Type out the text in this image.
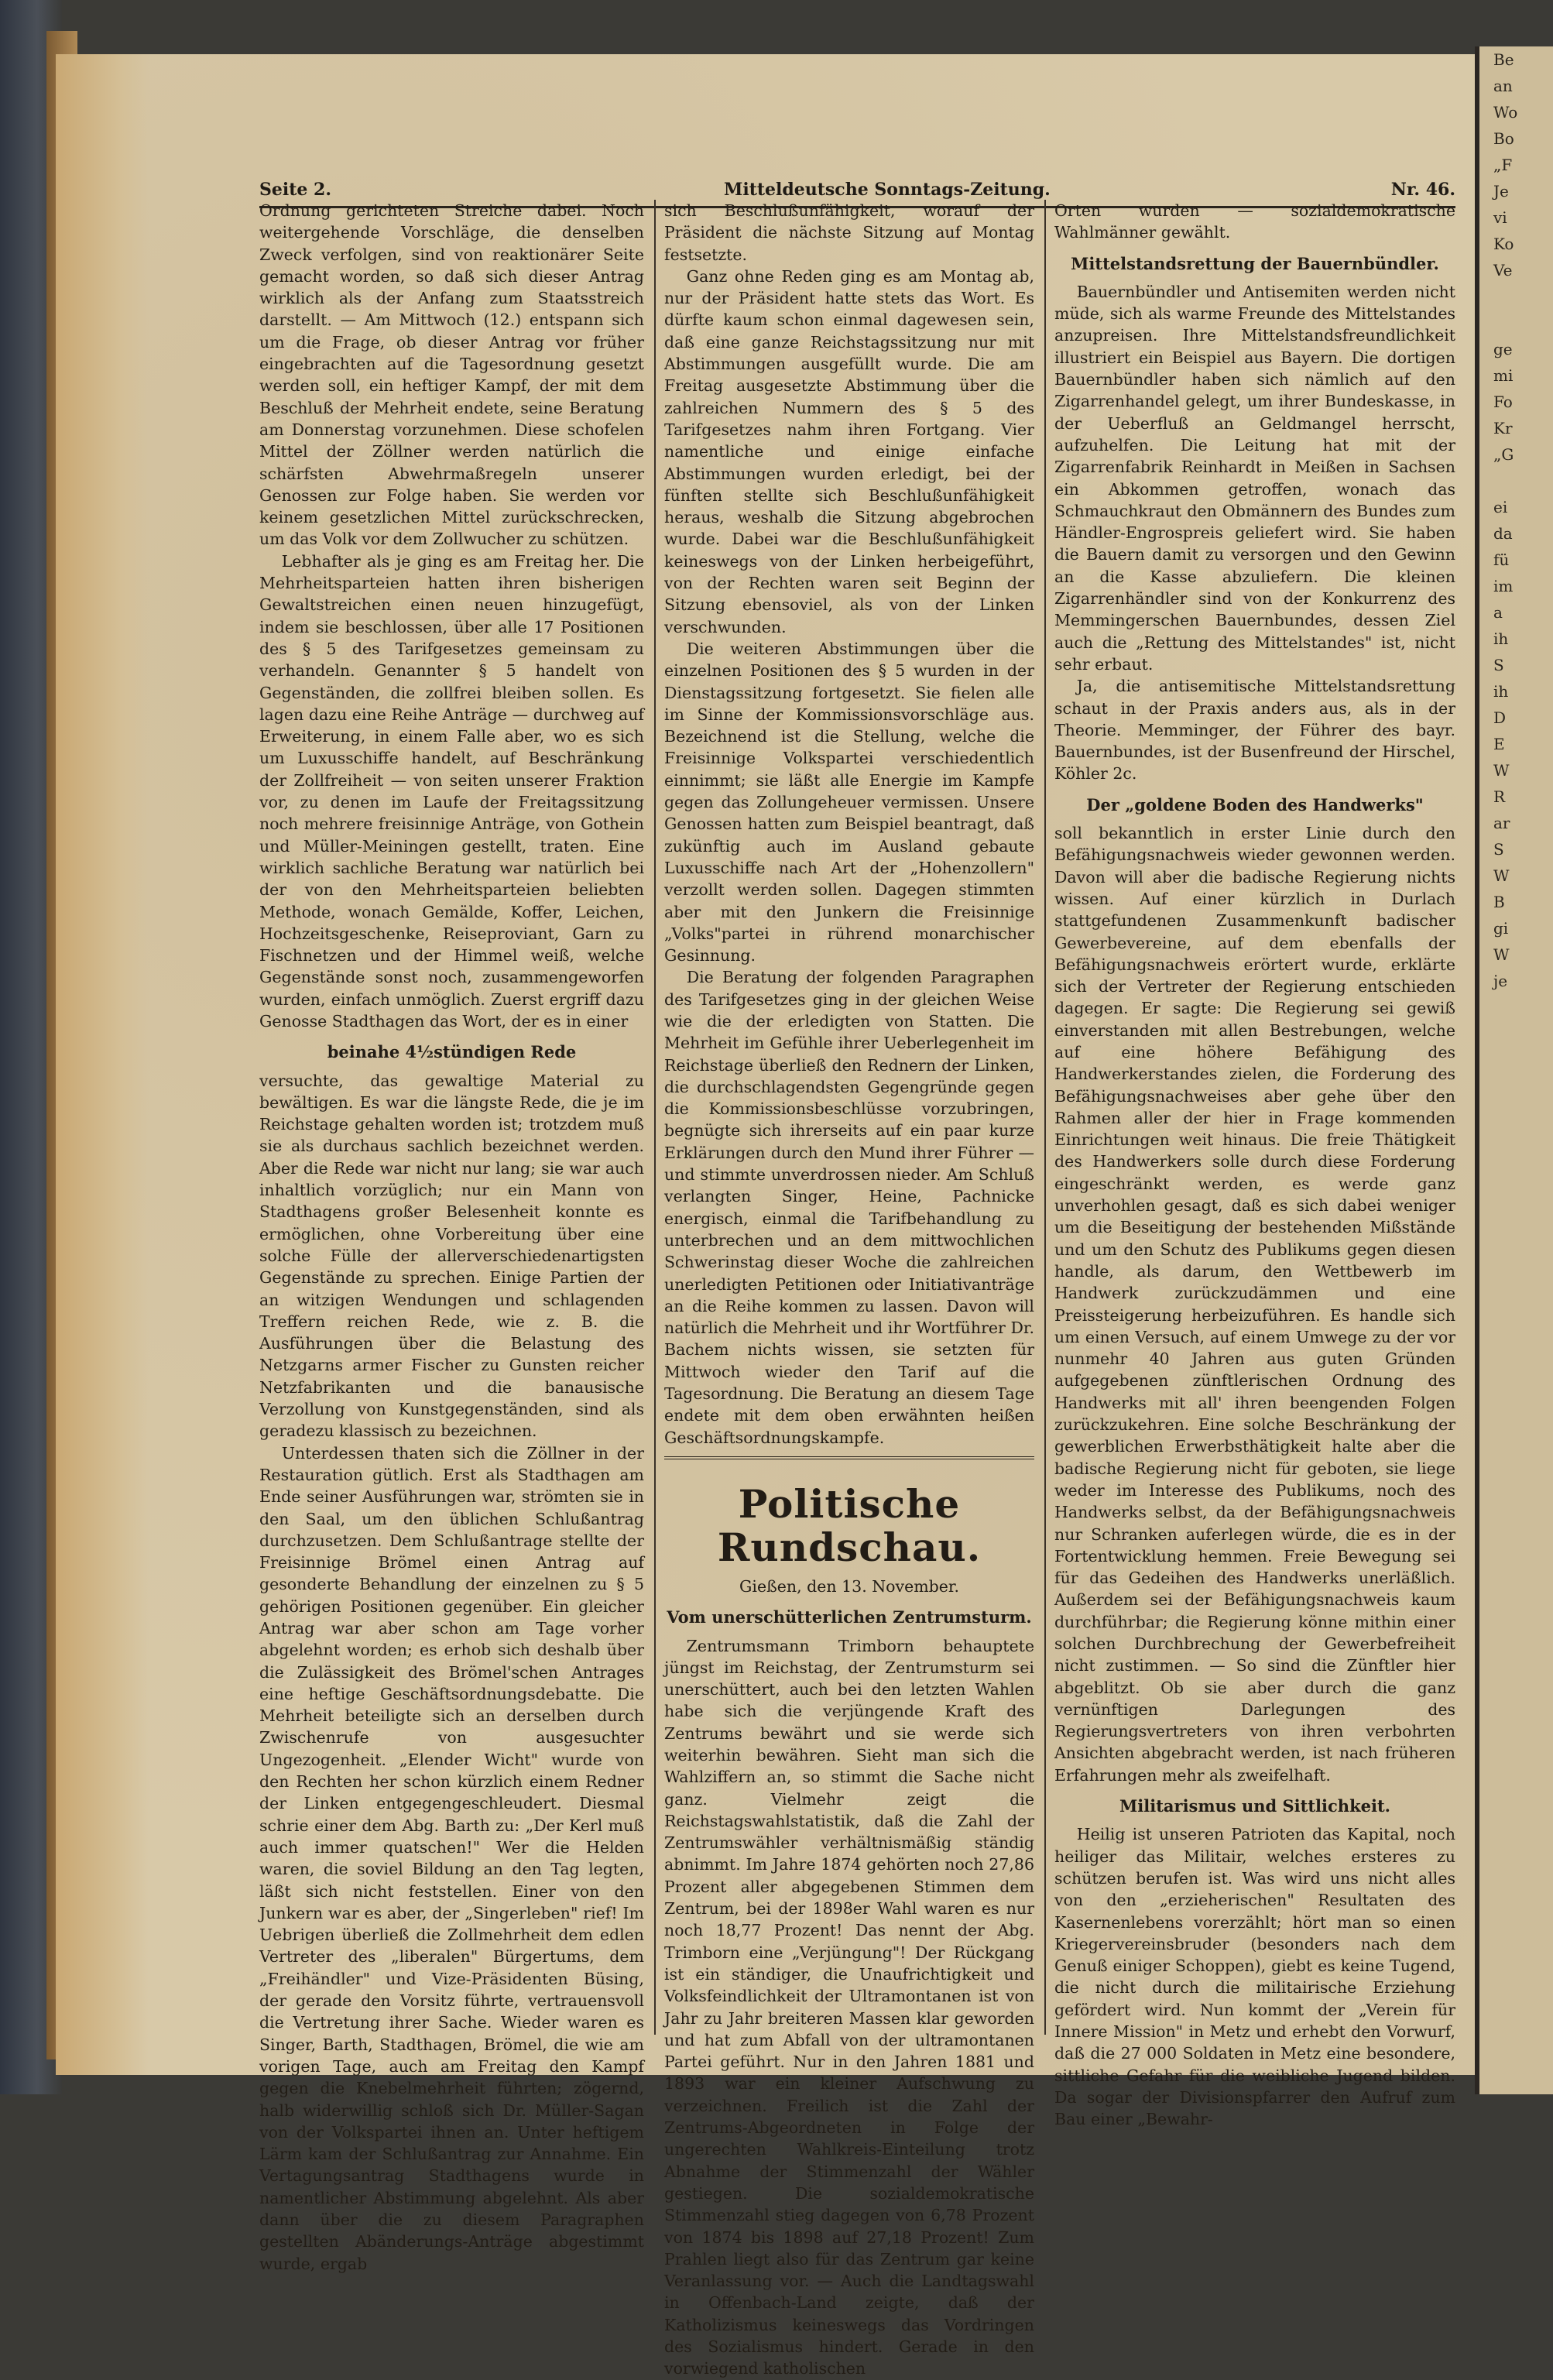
Be
an
Wo
Bo
„F
Je
vi
Ko
Ve

ge
mi
Fo
Kr
„G

ei
da
fü
im
a
ih
S
ih
D
E
W
R
ar
S
W
B
gi
W
je
Seite 2.	Mitteldeutsche Sonntags-Zeitung.	Nr. 46.

Ordnung gerichteten Streiche dabei. Noch weitergehende Vorschläge, die denselben Zweck verfolgen, sind von reaktionärer Seite gemacht worden, so daß sich dieser Antrag wirklich als der Anfang zum Staatsstreich darstellt. — Am Mittwoch (12.) entspann sich um die Frage, ob dieser Antrag vor früher eingebrachten auf die Tagesordnung gesetzt werden soll, ein heftiger Kampf, der mit dem Beschluß der Mehrheit endete, seine Beratung am Donnerstag vorzunehmen. Diese schofelen Mittel der Zöllner werden natürlich die schärfsten Abwehrmaßregeln unserer Genossen zur Folge haben. Sie werden vor keinem gesetzlichen Mittel zurückschrecken, um das Volk vor dem Zollwucher zu schützen.

Lebhafter als je ging es am Freitag her. Die Mehrheitsparteien hatten ihren bisherigen Gewaltstreichen einen neuen hinzugefügt, indem sie beschlossen, über alle 17 Positionen des § 5 des Tarifgesetzes gemeinsam zu verhandeln. Genannter § 5 handelt von Gegenständen, die zollfrei bleiben sollen. Es lagen dazu eine Reihe Anträge — durchweg auf Erweiterung, in einem Falle aber, wo es sich um Luxusschiffe handelt, auf Beschränkung der Zollfreiheit — von seiten unserer Fraktion vor, zu denen im Laufe der Freitagssitzung noch mehrere freisinnige Anträge, von Gothein und Müller-Meiningen gestellt, traten. Eine wirklich sachliche Beratung war natürlich bei der von den Mehrheitsparteien beliebten Methode, wonach Gemälde, Koffer, Leichen, Hochzeitsgeschenke, Reiseproviant, Garn zu Fischnetzen und der Himmel weiß, welche Gegenstände sonst noch, zusammengeworfen wurden, einfach unmöglich. Zuerst ergriff dazu Genosse Stadthagen das Wort, der es in einer

beinahe 4½stündigen Rede

versuchte, das gewaltige Material zu bewältigen. Es war die längste Rede, die je im Reichstage gehalten worden ist; trotzdem muß sie als durchaus sachlich bezeichnet werden. Aber die Rede war nicht nur lang; sie war auch inhaltlich vorzüglich; nur ein Mann von Stadthagens großer Belesenheit konnte es ermöglichen, ohne Vorbereitung über eine solche Fülle der allerverschiedenartigsten Gegenstände zu sprechen. Einige Partien der an witzigen Wendungen und schlagenden Treffern reichen Rede, wie z. B. die Ausführungen über die Belastung des Netzgarns armer Fischer zu Gunsten reicher Netzfabrikanten und die banausische Verzollung von Kunstgegenständen, sind als geradezu klassisch zu bezeichnen.

Unterdessen thaten sich die Zöllner in der Restauration gütlich. Erst als Stadthagen am Ende seiner Ausführungen war, strömten sie in den Saal, um den üblichen Schlußantrag durchzusetzen. Dem Schlußantrage stellte der Freisinnige Brömel einen Antrag auf gesonderte Behandlung der einzelnen zu § 5 gehörigen Positionen gegenüber. Ein gleicher Antrag war aber schon am Tage vorher abgelehnt worden; es erhob sich deshalb über die Zulässigkeit des Brömel'schen Antrages eine heftige Geschäftsordnungsdebatte. Die Mehrheit beteiligte sich an derselben durch Zwischenrufe von ausgesuchter Ungezogenheit. „Elender Wicht" wurde von den Rechten her schon kürzlich einem Redner der Linken entgegengeschleudert. Diesmal schrie einer dem Abg. Barth zu: „Der Kerl muß auch immer quatschen!" Wer die Helden waren, die soviel Bildung an den Tag legten, läßt sich nicht feststellen. Einer von den Junkern war es aber, der „Singerleben" rief! Im Uebrigen überließ die Zollmehrheit dem edlen Vertreter des „liberalen" Bürgertums, dem „Freihändler" und Vize-Präsidenten Büsing, der gerade den Vorsitz führte, vertrauensvoll die Vertretung ihrer Sache. Wieder waren es Singer, Barth, Stadthagen, Brömel, die wie am vorigen Tage, auch am Freitag den Kampf gegen die Knebelmehrheit führten; zögernd, halb widerwillig schloß sich Dr. Müller-Sagan von der Volkspartei ihnen an. Unter heftigem Lärm kam der Schlußantrag zur Annahme. Ein Vertagungsantrag Stadthagens wurde in namentlicher Abstimmung abgelehnt. Als aber dann über die zu diesem Paragraphen gestellten Abänderungs-Anträge abgestimmt wurde, ergab

sich Beschlußunfähigkeit, worauf der Präsident die nächste Sitzung auf Montag festsetzte.

Ganz ohne Reden ging es am Montag ab, nur der Präsident hatte stets das Wort. Es dürfte kaum schon einmal dagewesen sein, daß eine ganze Reichstagssitzung nur mit Abstimmungen ausgefüllt wurde. Die am Freitag ausgesetzte Abstimmung über die zahlreichen Nummern des § 5 des Tarifgesetzes nahm ihren Fortgang. Vier namentliche und einige einfache Abstimmungen wurden erledigt, bei der fünften stellte sich Beschlußunfähigkeit heraus, weshalb die Sitzung abgebrochen wurde. Dabei war die Beschlußunfähigkeit keineswegs von der Linken herbeigeführt, von der Rechten waren seit Beginn der Sitzung ebensoviel, als von der Linken verschwunden.

Die weiteren Abstimmungen über die einzelnen Positionen des § 5 wurden in der Dienstagssitzung fortgesetzt. Sie fielen alle im Sinne der Kommissionsvorschläge aus. Bezeichnend ist die Stellung, welche die Freisinnige Volkspartei verschiedentlich einnimmt; sie läßt alle Energie im Kampfe gegen das Zollungeheuer vermissen. Unsere Genossen hatten zum Beispiel beantragt, daß zukünftig auch im Ausland gebaute Luxusschiffe nach Art der „Hohenzollern" verzollt werden sollen. Dagegen stimmten aber mit den Junkern die Freisinnige „Volks"partei in rührend monarchischer Gesinnung.

Die Beratung der folgenden Paragraphen des Tarifgesetzes ging in der gleichen Weise wie die der erledigten von Statten. Die Mehrheit im Gefühle ihrer Ueberlegenheit im Reichstage überließ den Rednern der Linken, die durchschlagendsten Gegengründe gegen die Kommissionsbeschlüsse vorzubringen, begnügte sich ihrerseits auf ein paar kurze Erklärungen durch den Mund ihrer Führer — und stimmte unverdrossen nieder. Am Schluß verlangten Singer, Heine, Pachnicke energisch, einmal die Tarifbehandlung zu unterbrechen und an dem mittwochlichen Schwerinstag dieser Woche die zahlreichen unerledigten Petitionen oder Initiativanträge an die Reihe kommen zu lassen. Davon will natürlich die Mehrheit und ihr Wortführer Dr. Bachem nichts wissen, sie setzten für Mittwoch wieder den Tarif auf die Tagesordnung. Die Beratung an diesem Tage endete mit dem oben erwähnten heißen Geschäftsordnungskampfe.

Politische Rundschau.
Gießen, den 13. November.
Vom unerschütterlichen Zentrumsturm.

Zentrumsmann Trimborn behauptete jüngst im Reichstag, der Zentrumsturm sei unerschüttert, auch bei den letzten Wahlen habe sich die verjüngende Kraft des Zentrums bewährt und sie werde sich weiterhin bewähren. Sieht man sich die Wahlziffern an, so stimmt die Sache nicht ganz. Vielmehr zeigt die Reichstagswahlstatistik, daß die Zahl der Zentrumswähler verhältnismäßig ständig abnimmt. Im Jahre 1874 gehörten noch 27,86 Prozent aller abgegebenen Stimmen dem Zentrum, bei der 1898er Wahl waren es nur noch 18,77 Prozent! Das nennt der Abg. Trimborn eine „Verjüngung"! Der Rückgang ist ein ständiger, die Unaufrichtigkeit und Volksfeindlichkeit der Ultramontanen ist von Jahr zu Jahr breiteren Massen klar geworden und hat zum Abfall von der ultramontanen Partei geführt. Nur in den Jahren 1881 und 1893 war ein kleiner Aufschwung zu verzeichnen. Freilich ist die Zahl der Zentrums-Abgeordneten in Folge der ungerechten Wahlkreis-Einteilung trotz Abnahme der Stimmenzahl der Wähler gestiegen. Die sozialdemokratische Stimmenzahl stieg dagegen von 6,78 Prozent von 1874 bis 1898 auf 27,18 Prozent! Zum Prahlen liegt also für das Zentrum gar keine Veranlassung vor. — Auch die Landtagswahl in Offenbach-Land zeigte, daß der Katholizismus keineswegs das Vordringen des Sozialismus hindert. Gerade in den vorwiegend katholischen

Orten wurden — sozialdemokratische Wahlmänner gewählt.

Mittelstandsrettung der Bauernbündler.

Bauernbündler und Antisemiten werden nicht müde, sich als warme Freunde des Mittelstandes anzupreisen. Ihre Mittelstandsfreundlichkeit illustriert ein Beispiel aus Bayern. Die dortigen Bauernbündler haben sich nämlich auf den Zigarrenhandel gelegt, um ihrer Bundeskasse, in der Ueberfluß an Geldmangel herrscht, aufzuhelfen. Die Leitung hat mit der Zigarrenfabrik Reinhardt in Meißen in Sachsen ein Abkommen getroffen, wonach das Schmauchkraut den Obmännern des Bundes zum Händler-Engrospreis geliefert wird. Sie haben die Bauern damit zu versorgen und den Gewinn an die Kasse abzuliefern. Die kleinen Zigarrenhändler sind von der Konkurrenz des Memmingerschen Bauernbundes, dessen Ziel auch die „Rettung des Mittelstandes" ist, nicht sehr erbaut.

Ja, die antisemitische Mittelstandsrettung schaut in der Praxis anders aus, als in der Theorie. Memminger, der Führer des bayr. Bauernbundes, ist der Busenfreund der Hirschel, Köhler 2c.

Der „goldene Boden des Handwerks"

soll bekanntlich in erster Linie durch den Befähigungsnachweis wieder gewonnen werden. Davon will aber die badische Regierung nichts wissen. Auf einer kürzlich in Durlach stattgefundenen Zusammenkunft badischer Gewerbevereine, auf dem ebenfalls der Befähigungsnachweis erörtert wurde, erklärte sich der Vertreter der Regierung entschieden dagegen. Er sagte: Die Regierung sei gewiß einverstanden mit allen Bestrebungen, welche auf eine höhere Befähigung des Handwerkerstandes zielen, die Forderung des Befähigungsnachweises aber gehe über den Rahmen aller der hier in Frage kommenden Einrichtungen weit hinaus. Die freie Thätigkeit des Handwerkers solle durch diese Forderung eingeschränkt werden, es werde ganz unverhohlen gesagt, daß es sich dabei weniger um die Beseitigung der bestehenden Mißstände und um den Schutz des Publikums gegen diesen handle, als darum, den Wettbewerb im Handwerk zurückzudämmen und eine Preissteigerung herbeizuführen. Es handle sich um einen Versuch, auf einem Umwege zu der vor nunmehr 40 Jahren aus guten Gründen aufgegebenen zünftlerischen Ordnung des Handwerks mit all' ihren beengenden Folgen zurückzukehren. Eine solche Beschränkung der gewerblichen Erwerbsthätigkeit halte aber die badische Regierung nicht für geboten, sie liege weder im Interesse des Publikums, noch des Handwerks selbst, da der Befähigungsnachweis nur Schranken auferlegen würde, die es in der Fortentwicklung hemmen. Freie Bewegung sei für das Gedeihen des Handwerks unerläßlich. Außerdem sei der Befähigungsnachweis kaum durchführbar; die Regierung könne mithin einer solchen Durchbrechung der Gewerbefreiheit nicht zustimmen. — So sind die Zünftler hier abgeblitzt. Ob sie aber durch die ganz vernünftigen Darlegungen des Regierungsvertreters von ihren verbohrten Ansichten abgebracht werden, ist nach früheren Erfahrungen mehr als zweifelhaft.

Militarismus und Sittlichkeit.

Heilig ist unseren Patrioten das Kapital, noch heiliger das Militair, welches ersteres zu schützen berufen ist. Was wird uns nicht alles von den „erzieherischen" Resultaten des Kasernenlebens vorerzählt; hört man so einen Kriegervereinsbruder (besonders nach dem Genuß einiger Schoppen), giebt es keine Tugend, die nicht durch die militairische Erziehung gefördert wird. Nun kommt der „Verein für Innere Mission" in Metz und erhebt den Vorwurf, daß die 27 000 Soldaten in Metz eine besondere, sittliche Gefahr für die weibliche Jugend bilden. Da sogar der Divisionspfarrer den Aufruf zum Bau einer „Bewahr-
